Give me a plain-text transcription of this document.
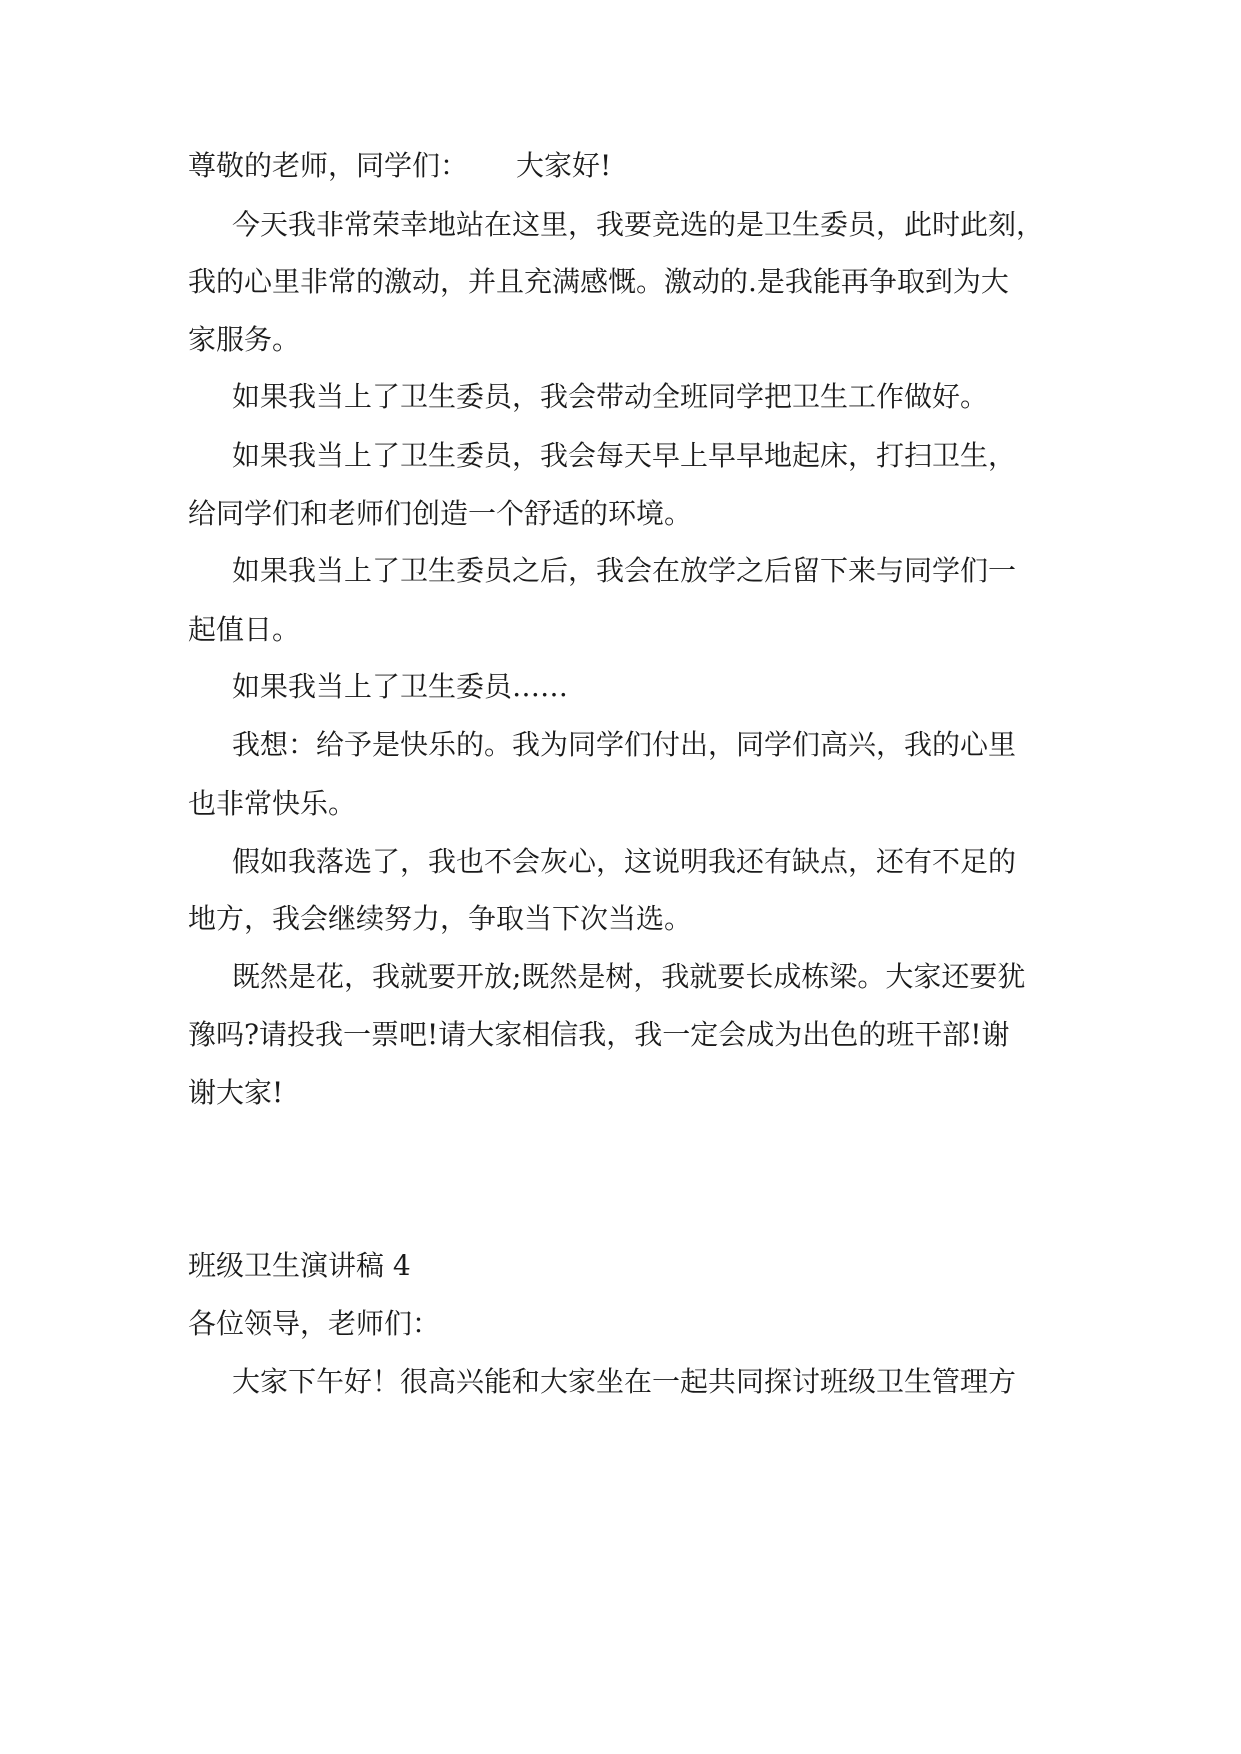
尊敬的老师，同学们： 大家好!
今天我非常荣幸地站在这里，我要竞选的是卫生委员，此时此刻，
我的心里非常的激动，并且充满感慨。激动的.是我能再争取到为大
家服务。
如果我当上了卫生委员，我会带动全班同学把卫生工作做好。
如果我当上了卫生委员，我会每天早上早早地起床，打扫卫生，
给同学们和老师们创造一个舒适的环境。
如果我当上了卫生委员之后，我会在放学之后留下来与同学们一
起值日。
如果我当上了卫生委员……
我想：给予是快乐的。我为同学们付出，同学们高兴，我的心里
也非常快乐。
假如我落选了，我也不会灰心，这说明我还有缺点，还有不足的
地方，我会继续努力，争取当下次当选。
既然是花，我就要开放;既然是树，我就要长成栋梁。大家还要犹
豫吗?请投我一票吧!请大家相信我，我一定会成为出色的班干部!谢
谢大家!
班级卫生演讲稿 4
各位领导，老师们：
大家下午好！很高兴能和大家坐在一起共同探讨班级卫生管理方
